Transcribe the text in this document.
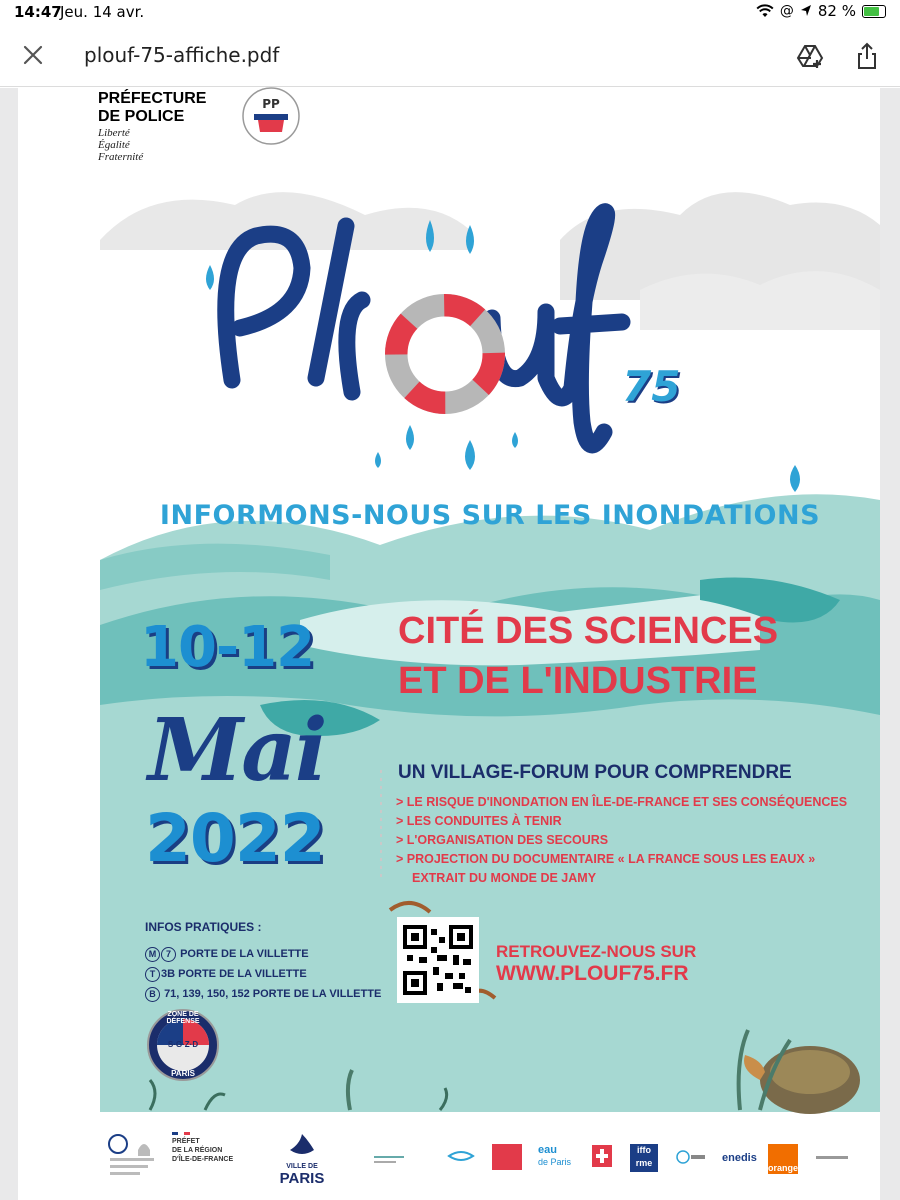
14:47
Jeu. 14 avr.	@ 82 %
plouf-75-affiche.pdf
PRÉFECTURE
DE POLICE
Liberté
Égalité
Fraternité
PP
75
INFORMONS-NOUS SUR LES INONDATIONS
10-12
Mai
2022
CITÉ DES SCIENCES
ET DE L'INDUSTRIE
UN VILLAGE-FORUM POUR COMPRENDRE
> LE RISQUE D'INONDATION EN ÎLE-DE-FRANCE ET SES CONSÉQUENCES
> LES CONDUITES À TENIR
> L'ORGANISATION DES SECOURS
> PROJECTION DU DOCUMENTAIRE « LA FRANCE SOUS LES EAUX »
EXTRAIT DU MONDE DE JAMY
INFOS PRATIQUES :
M 7 PORTE DE LA VILLETTE
T 3B PORTE DE LA VILLETTE
B 71, 139, 150, 152 PORTE DE LA VILLETTE
RETROUVEZ-NOUS SUR
WWW.PLOUF75.FR
ZONE DE DÉFENSE
S·G·Z·D
PARIS
PRÉFET
DE LA RÉGION
D'ÎLE-DE-FRANCE
VILLE DE
PARIS
eau
de Paris
iffo
rme	enedis
orange
